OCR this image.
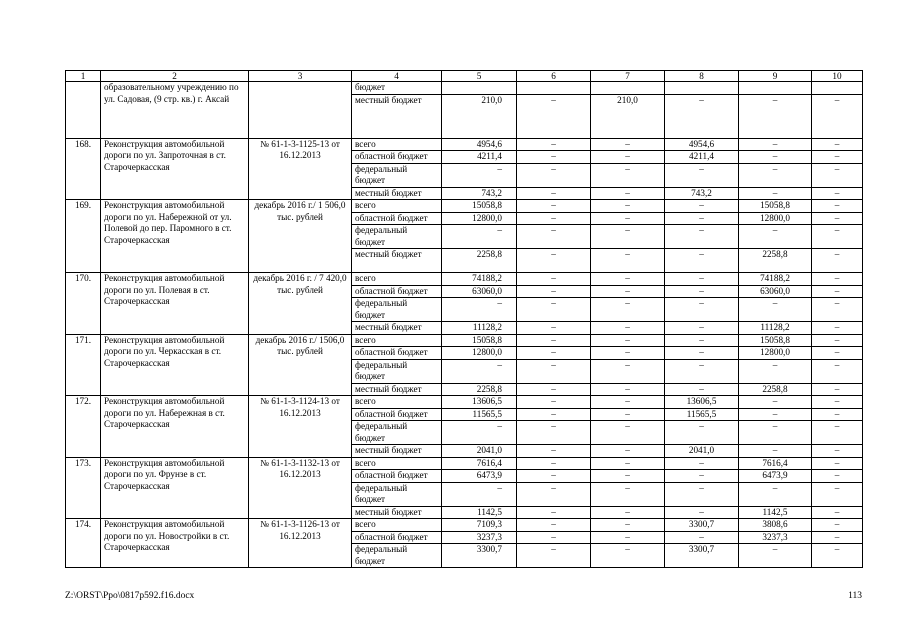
1	2	3	4	5	6	7	8	9	10
	образовательному учреждению по ул. Садовая, (9 стр. кв.) г. Аксай		бюджет						
			местный бюджет	210,0	–	210,0	–	–	–
168.	Реконструкция автомобильной дороги по ул. Запроточная в ст. Старочеркасская	№ 61-1-3-1125-13 от 16.12.2013	всего	4954,6	–	–	4954,6	–	–
			областной бюджет	4211,4	–	–	4211,4	–	–
			федеральный бюджет	–	–	–	–	–	–
			местный бюджет	743,2	–	–	743,2	–	–
169.	Реконструкция автомобильной дороги по ул. Набережной от ул. Полевой до пер. Паромного в ст. Старочеркасская	декабрь 2016 г./ 1 506,0 тыс. рублей	всего	15058,8	–	–	–	15058,8	–
			областной бюджет	12800,0	–	–	–	12800,0	–
			федеральный бюджет	–	–	–	–	–	–
			местный бюджет	2258,8	–	–	–	2258,8	–
170.	Реконструкция автомобильной дороги по ул. Полевая в ст. Старочеркасская	декабрь 2016 г. / 7 420,0 тыс. рублей	всего	74188,2	–	–	–	74188,2	–
			областной бюджет	63060,0	–	–	–	63060,0	–
			федеральный бюджет	–	–	–	–	–	–
			местный бюджет	11128,2	–	–	–	11128,2	–
171.	Реконструкция автомобильной дороги по ул. Черкасская в ст. Старочеркасская	декабрь 2016 г./ 1506,0 тыс. рублей	всего	15058,8	–	–	–	15058,8	–
			областной бюджет	12800,0	–	–	–	12800,0	–
			федеральный бюджет	–	–	–	–	–	–
			местный бюджет	2258,8	–	–	–	2258,8	–
172.	Реконструкция автомобильной дороги по ул. Набережная в ст. Старочеркасская	№ 61-1-3-1124-13 от 16.12.2013	всего	13606,5	–	–	13606,5	–	–
			областной бюджет	11565,5	–	–	11565,5	–	–
			федеральный бюджет	–	–	–	–	–	–
			местный бюджет	2041,0	–	–	2041,0	–	–
173.	Реконструкция автомобильной дороги по ул. Фрунзе в ст. Старочеркасская	№ 61-1-3-1132-13 от 16.12.2013	всего	7616,4	–	–	–	7616,4	–
			областной бюджет	6473,9	–	–	–	6473,9	–
			федеральный бюджет	–	–	–	–	–	–
			местный бюджет	1142,5	–	–	–	1142,5	–
174.	Реконструкция автомобильной дороги по ул. Новостройки в ст. Старочеркасская	№ 61-1-3-1126-13 от 16.12.2013	всего	7109,3	–	–	3300,7	3808,6	–
			областной бюджет	3237,3	–	–	–	3237,3	–
			федеральный бюджет	3300,7	–	–	3300,7	–	–
Z:\ORST\Ppo\0817p592.f16.docx	113
